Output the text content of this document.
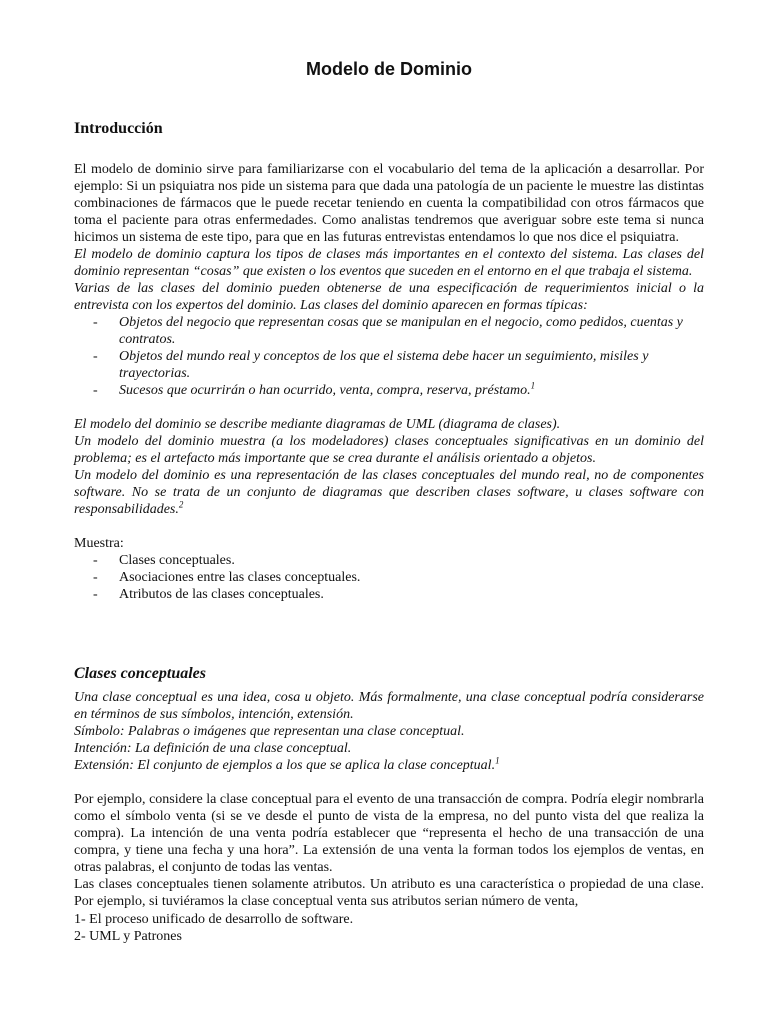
Modelo de Dominio
Introducción

El modelo de dominio sirve para familiarizarse con el vocabulario del tema de la aplicación a desarrollar. Por ejemplo: Si un psiquiatra nos pide un sistema para que dada una patología de un paciente le muestre las distintas combinaciones de fármacos que le puede recetar teniendo en cuenta la compatibilidad con otros fármacos que toma el paciente para otras enfermedades. Como analistas tendremos que averiguar sobre este tema si nunca hicimos un sistema de este tipo, para que en las futuras entrevistas entendamos lo que nos dice el psiquiatra.

El modelo de dominio captura los tipos de clases más importantes en el contexto del sistema. Las clases del dominio representan “cosas” que existen o los eventos que suceden en el entorno en el que trabaja el sistema.

Varias de las clases del dominio pueden obtenerse de una especificación de requerimientos inicial o la entrevista con los expertos del dominio. Las clases del dominio aparecen en formas típicas:

- Objetos del negocio que representan cosas que se manipulan en el negocio, como pedidos, cuentas y contratos.
- Objetos del mundo real y conceptos de los que el sistema debe hacer un seguimiento, misiles y trayectorias.
- Sucesos que ocurrirán o han ocurrido, venta, compra, reserva, préstamo.$^1$

El modelo del dominio se describe mediante diagramas de UML (diagrama de clases).

Un modelo del dominio muestra (a los modeladores) clases conceptuales significativas en un dominio del problema; es el artefacto más importante que se crea durante el análisis orientado a objetos.

Un modelo del dominio es una representación de las clases conceptuales del mundo real, no de componentes software. No se trata de un conjunto de diagramas que describen clases software, u clases software con responsabilidades.$^2$

Muestra:

- Clases conceptuales.
- Asociaciones entre las clases conceptuales.
- Atributos de las clases conceptuales.
Clases conceptuales

Una clase conceptual es una idea, cosa u objeto. Más formalmente, una clase conceptual podría considerarse en términos de sus símbolos, intención, extensión.

Símbolo: Palabras o imágenes que representan una clase conceptual.

Intención: La definición de una clase conceptual.

Extensión: El conjunto de ejemplos a los que se aplica la clase conceptual.$^1$

Por ejemplo, considere la clase conceptual para el evento de una transacción de compra. Podría elegir nombrarla como el símbolo venta (si se ve desde el punto de vista de la empresa, no del punto vista del que realiza la compra). La intención de una venta podría establecer que “representa el hecho de una transacción de una compra, y tiene una fecha y una hora”. La extensión de una venta la forman todos los ejemplos de ventas, en otras palabras, el conjunto de todas las ventas.

Las clases conceptuales tienen solamente atributos. Un atributo es una característica o propiedad de una clase. Por ejemplo, si tuviéramos la clase conceptual venta sus atributos serian número de venta,

1- El proceso unificado de desarrollo de software.
2- UML y Patrones
